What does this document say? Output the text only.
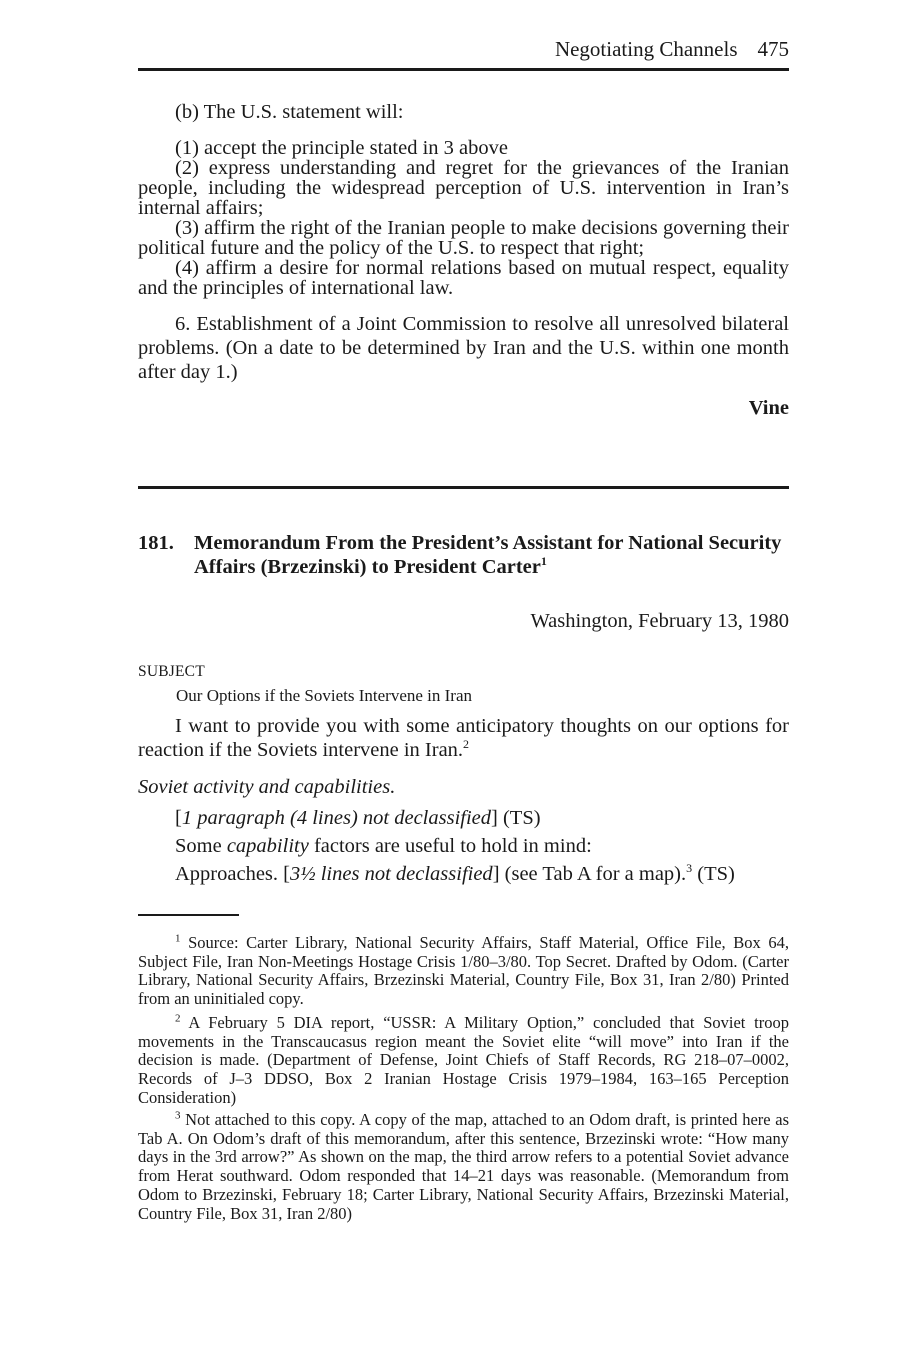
Negotiating Channels 475
(b) The U.S. statement will:
(1) accept the principle stated in 3 above
(2) express understanding and regret for the grievances of the Iranian people, including the widespread perception of U.S. intervention in Iran’s internal affairs;
(3) affirm the right of the Iranian people to make decisions governing their political future and the policy of the U.S. to respect that right;
(4) affirm a desire for normal relations based on mutual respect, equality and the principles of international law.
6. Establishment of a Joint Commission to resolve all unresolved bilateral problems. (On a date to be determined by Iran and the U.S. within one month after day 1.)
Vine
181. Memorandum From the President’s Assistant for National Security Affairs (Brzezinski) to President Carter$^1$
Washington, February 13, 1980
SUBJECT
Our Options if the Soviets Intervene in Iran
I want to provide you with some anticipatory thoughts on our options for reaction if the Soviets intervene in Iran.$^2$
Soviet activity and capabilities.
[1 paragraph (4 lines) not declassified] (TS)
Some capability factors are useful to hold in mind:
Approaches. [3½ lines not declassified] (see Tab A for a map).$^3$ (TS)
$^1$ Source: Carter Library, National Security Affairs, Staff Material, Office File, Box 64, Subject File, Iran Non-Meetings Hostage Crisis 1/80–3/80. Top Secret. Drafted by Odom. (Carter Library, National Security Affairs, Brzezinski Material, Country File, Box 31, Iran 2/80) Printed from an uninitialed copy.
$^2$ A February 5 DIA report, “USSR: A Military Option,” concluded that Soviet troop movements in the Transcaucasus region meant the Soviet elite “will move” into Iran if the decision is made. (Department of Defense, Joint Chiefs of Staff Records, RG 218–07–0002, Records of J–3 DDSO, Box 2 Iranian Hostage Crisis 1979–1984, 163–165 Perception Consideration)
$^3$ Not attached to this copy. A copy of the map, attached to an Odom draft, is printed here as Tab A. On Odom’s draft of this memorandum, after this sentence, Brzezinski wrote: “How many days in the 3rd arrow?” As shown on the map, the third arrow refers to a potential Soviet advance from Herat southward. Odom responded that 14–21 days was reasonable. (Memorandum from Odom to Brzezinski, February 18; Carter Library, National Security Affairs, Brzezinski Material, Country File, Box 31, Iran 2/80)
